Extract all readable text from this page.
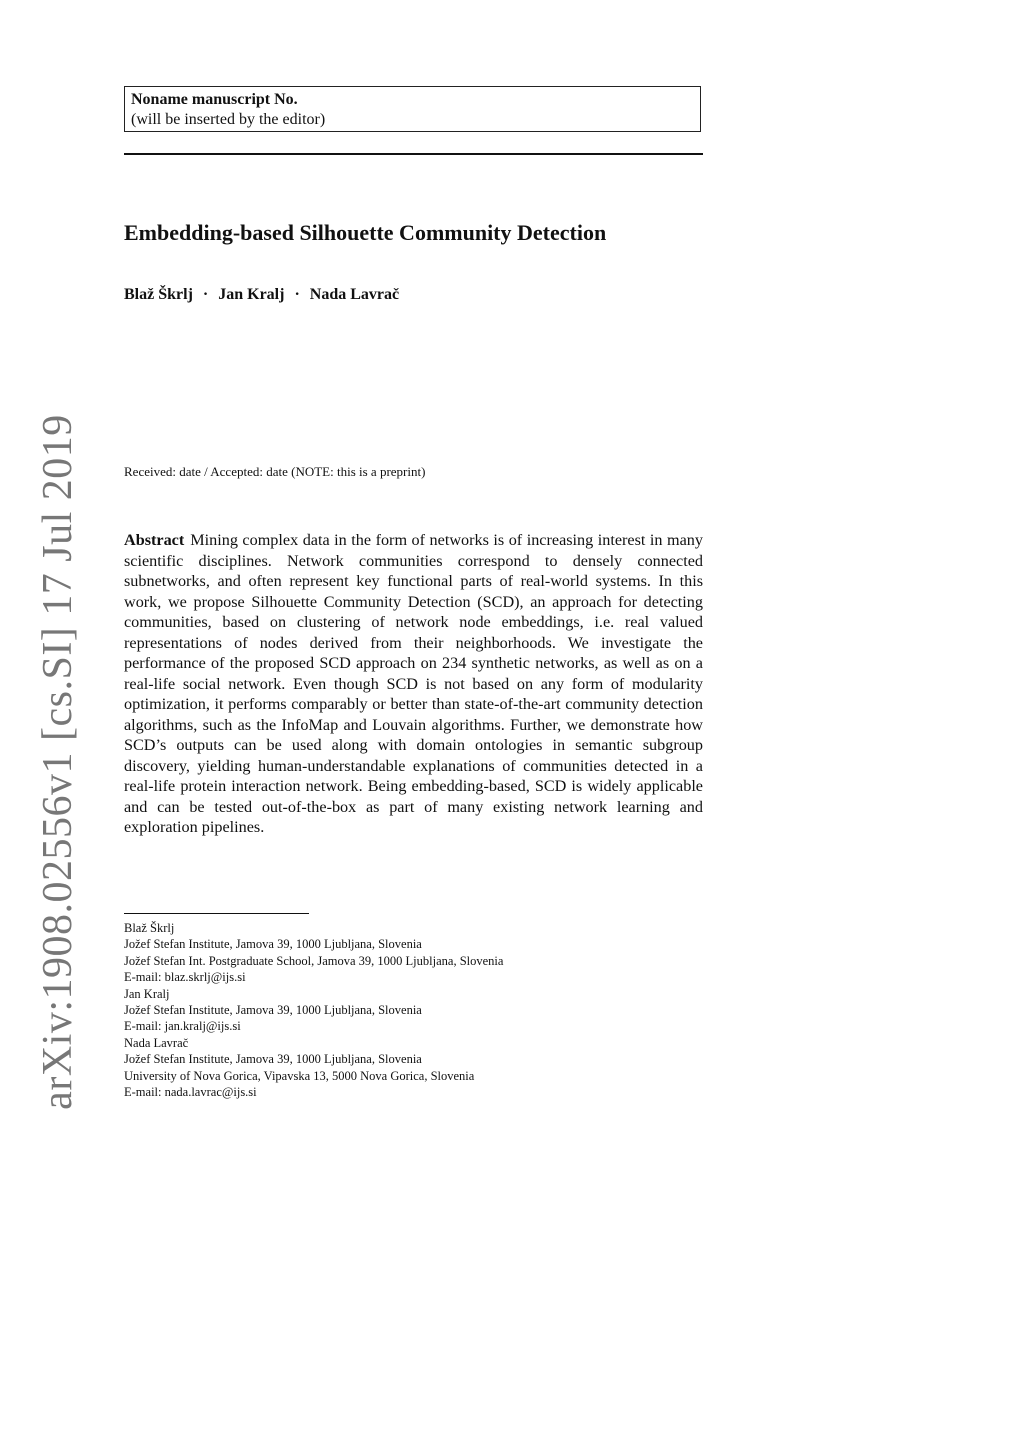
arXiv:1908.02556v1 [cs.SI] 17 Jul 2019
Noname manuscript No.
(will be inserted by the editor)
Embedding-based Silhouette Community Detection
Blaž Škrlj · Jan Kralj · Nada Lavrač
Received: date / Accepted: date (NOTE: this is a preprint)

Abstract Mining complex data in the form of networks is of increasing interest in many scientific disciplines. Network communities correspond to densely connected subnetworks, and often represent key functional parts of real-world systems. In this work, we propose Silhouette Community Detection (SCD), an approach for detecting communities, based on clustering of network node embeddings, i.e. real valued representations of nodes derived from their neighborhoods. We investigate the performance of the proposed SCD approach on 234 synthetic networks, as well as on a real-life social network. Even though SCD is not based on any form of modularity optimization, it performs comparably or better than state-of-the-art community detection algorithms, such as the InfoMap and Louvain algorithms. Further, we demonstrate how SCD’s outputs can be used along with domain ontologies in semantic subgroup discovery, yielding human-understandable explanations of communities detected in a real-life protein interaction network. Being embedding-based, SCD is widely applicable and can be tested out-of-the-box as part of many existing network learning and exploration pipelines.

Blaž Škrlj
Jožef Stefan Institute, Jamova 39, 1000 Ljubljana, Slovenia
Jožef Stefan Int. Postgraduate School, Jamova 39, 1000 Ljubljana, Slovenia
E-mail: blaz.skrlj@ijs.si
Jan Kralj
Jožef Stefan Institute, Jamova 39, 1000 Ljubljana, Slovenia
E-mail: jan.kralj@ijs.si
Nada Lavrač
Jožef Stefan Institute, Jamova 39, 1000 Ljubljana, Slovenia
University of Nova Gorica, Vipavska 13, 5000 Nova Gorica, Slovenia
E-mail: nada.lavrac@ijs.si
